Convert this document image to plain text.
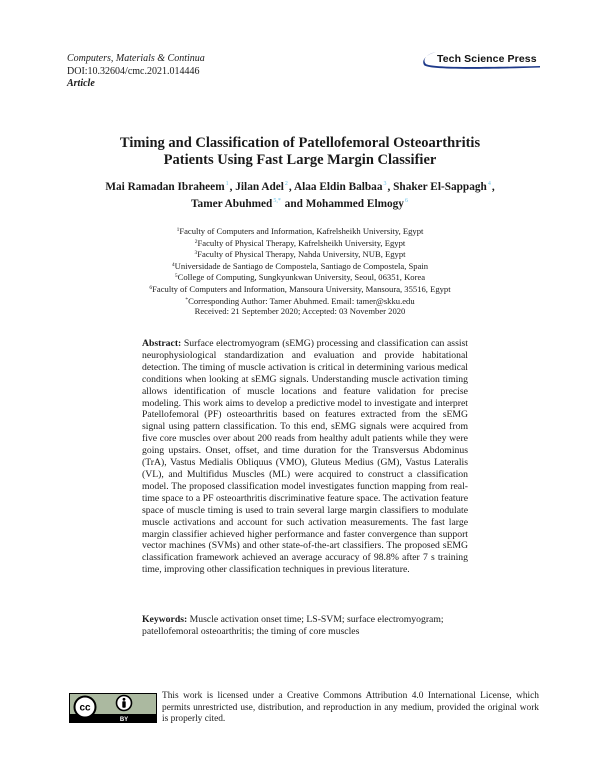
Computers, Materials & Continua
DOI:10.32604/cmc.2021.014446
Article
Tech Science Press
Timing and Classification of Patellofemoral Osteoarthritis
Patients Using Fast Large Margin Classifier
Mai Ramadan Ibraheem$^1$, Jilan Adel$^2$, Alaa Eldin Balbaa$^3$, Shaker El-Sappagh$^4$,
Tamer Abuhmed$^{5,*}$ and Mohammed Elmogy$^6$
$^1$Faculty of Computers and Information, Kafrelsheikh University, Egypt
$^2$Faculty of Physical Therapy, Kafrelsheikh University, Egypt
$^3$Faculty of Physical Therapy, Nahda University, NUB, Egypt
$^4$Universidade de Santiago de Compostela, Santiago de Compostela, Spain
$^5$College of Computing, Sungkyunkwan University, Seoul, 06351, Korea
$^6$Faculty of Computers and Information, Mansoura University, Mansoura, 35516, Egypt
*Corresponding Author: Tamer Abuhmed. Email: tamer@skku.edu
Received: 21 September 2020; Accepted: 03 November 2020
Abstract: Surface electromyogram (sEMG) processing and classification can assist neurophysiological standardization and evaluation and provide habitational detection. The timing of muscle activation is critical in determining various medical conditions when looking at sEMG signals. Understanding muscle activation timing allows identification of muscle locations and feature validation for precise modeling. This work aims to develop a predictive model to investigate and interpret Patellofemoral (PF) osteoarthritis based on features extracted from the sEMG signal using pattern classification. To this end, sEMG signals were acquired from five core muscles over about 200 reads from healthy adult patients while they were going upstairs. Onset, offset, and time duration for the Transversus Abdominus (TrA), Vastus Medialis Obliquus (VMO), Gluteus Medius (GM), Vastus Lateralis (VL), and Multifidus Muscles (ML) were acquired to construct a classification model. The proposed classification model investigates function mapping from real-time space to a PF osteoarthritis discriminative feature space. The activation feature space of muscle timing is used to train several large margin classifiers to modulate muscle activations and account for such activation measurements. The fast large margin classifier achieved higher performance and faster convergence than support vector machines (SVMs) and other state-of-the-art classifiers. The proposed sEMG classification framework achieved an average accuracy of 98.8% after 7 s training time, improving other classification techniques in previous literature.
Keywords: Muscle activation onset time; LS-SVM; surface electromyogram; patellofemoral osteoarthritis; the timing of core muscles
cc
BY
This work is licensed under a Creative Commons Attribution 4.0 International License, which permits unrestricted use, distribution, and reproduction in any medium, provided the original work is properly cited.
